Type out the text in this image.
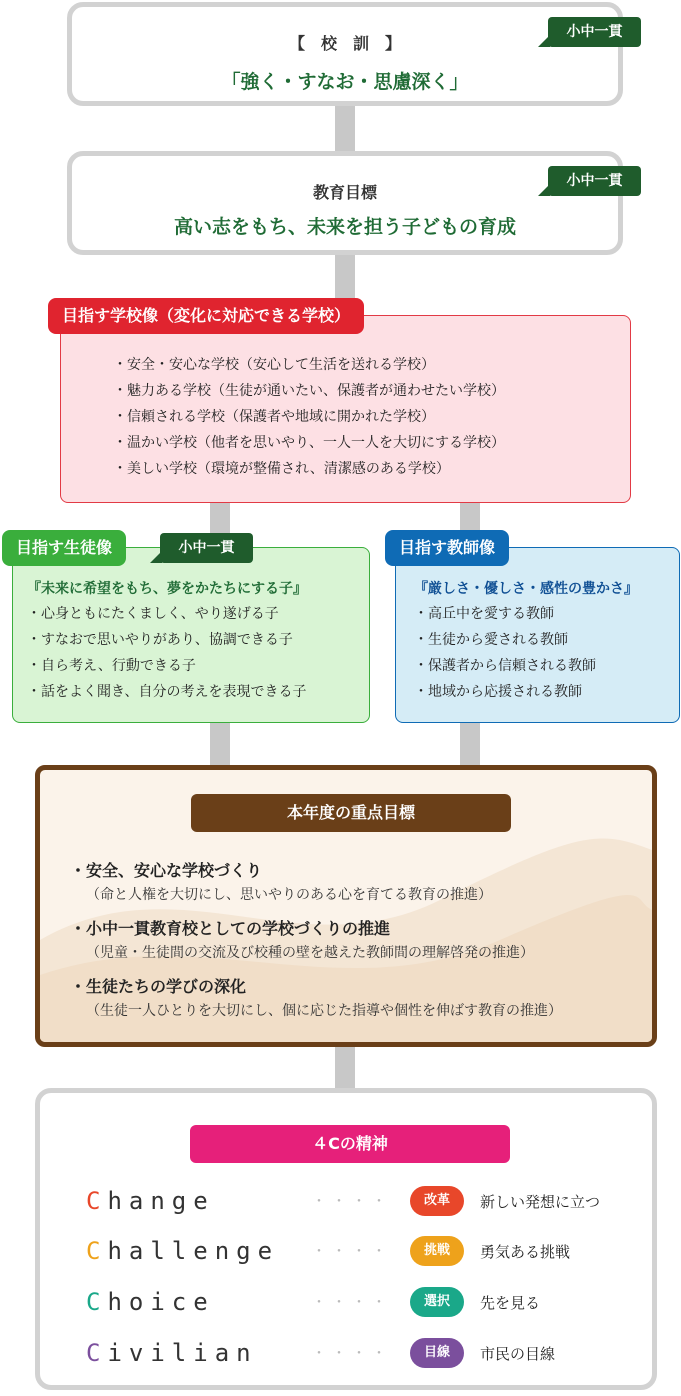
【　校　訓　】
「強く・すなお・思慮深く」
小中一貫
教育目標
高い志をもち、未来を担う子どもの育成
小中一貫
・安全・安心な学校（安心して生活を送れる学校）
・魅力ある学校（生徒が通いたい、保護者が通わせたい学校）
・信頼される学校（保護者や地域に開かれた学校）
・温かい学校（他者を思いやり、一人一人を大切にする学校）
・美しい学校（環境が整備され、清潔感のある学校）
目指す学校像（変化に対応できる学校）
『未来に希望をもち、夢をかたちにする子』
・心身ともにたくましく、やり遂げる子
・すなおで思いやりがあり、協調できる子
・自ら考え、行動できる子
・話をよく聞き、自分の考えを表現できる子
目指す生徒像	小中一貫
『厳しさ・優しさ・感性の豊かさ』
・高丘中を愛する教師
・生徒から愛される教師
・保護者から信頼される教師
・地域から応援される教師
目指す教師像
本年度の重点目標
・安全、安心な学校づくり
（命と人権を大切にし、思いやりのある心を育てる教育の推進）
・小中一貫教育校としての学校づくりの推進
（児童・生徒間の交流及び校種の壁を越えた教師間の理解啓発の推進）
・生徒たちの学びの深化
（生徒一人ひとりを大切にし、個に応じた指導や個性を伸ばす教育の推進）
４Cの精神
Change	・・・・	改革	新しい発想に立つ
Challenge ・・・・	挑戦	勇気ある挑戦
Choice	・・・・	選択	先を見る
Civilian	・・・・	目線	市民の目線
